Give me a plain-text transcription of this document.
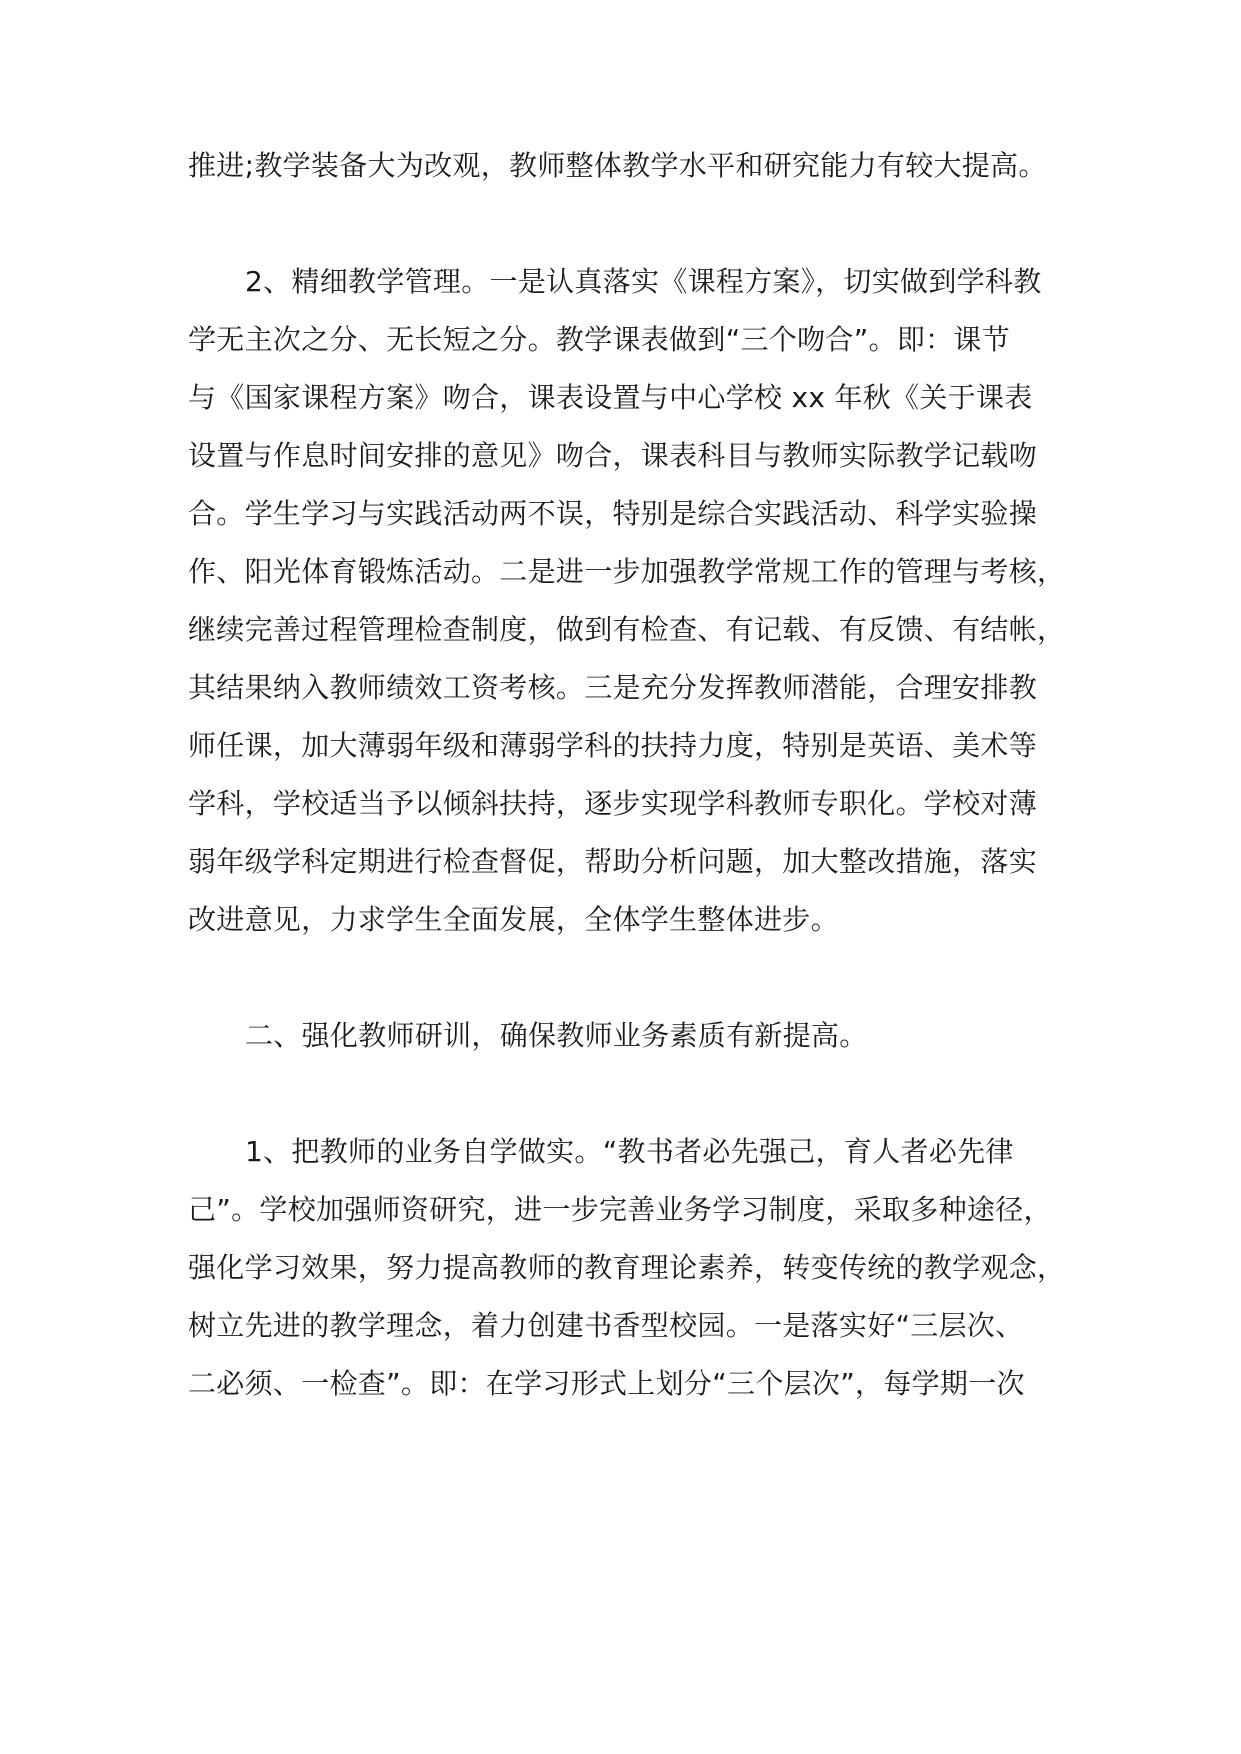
推进;教学装备大为改观，教师整体教学水平和研究能力有较大提高。
2、精细教学管理。一是认真落实《课程方案》，切实做到学科教
学无主次之分、无长短之分。教学课表做到“三个吻合”。即：课节
与《国家课程方案》吻合，课表设置与中心学校 xx 年秋《关于课表
设置与作息时间安排的意见》吻合，课表科目与教师实际教学记载吻
合。学生学习与实践活动两不误，特别是综合实践活动、科学实验操
作、阳光体育锻炼活动。二是进一步加强教学常规工作的管理与考核，
继续完善过程管理检查制度，做到有检查、有记载、有反馈、有结帐，
其结果纳入教师绩效工资考核。三是充分发挥教师潜能，合理安排教
师任课，加大薄弱年级和薄弱学科的扶持力度，特别是英语、美术等
学科，学校适当予以倾斜扶持，逐步实现学科教师专职化。学校对薄
弱年级学科定期进行检查督促，帮助分析问题，加大整改措施，落实
改进意见，力求学生全面发展，全体学生整体进步。
二、强化教师研训，确保教师业务素质有新提高。
1、把教师的业务自学做实。“教书者必先强己，育人者必先律
己”。学校加强师资研究，进一步完善业务学习制度，采取多种途径，
强化学习效果，努力提高教师的教育理论素养，转变传统的教学观念，
树立先进的教学理念，着力创建书香型校园。一是落实好“三层次、
二必须、一检查”。即：在学习形式上划分“三个层次”，每学期一次
